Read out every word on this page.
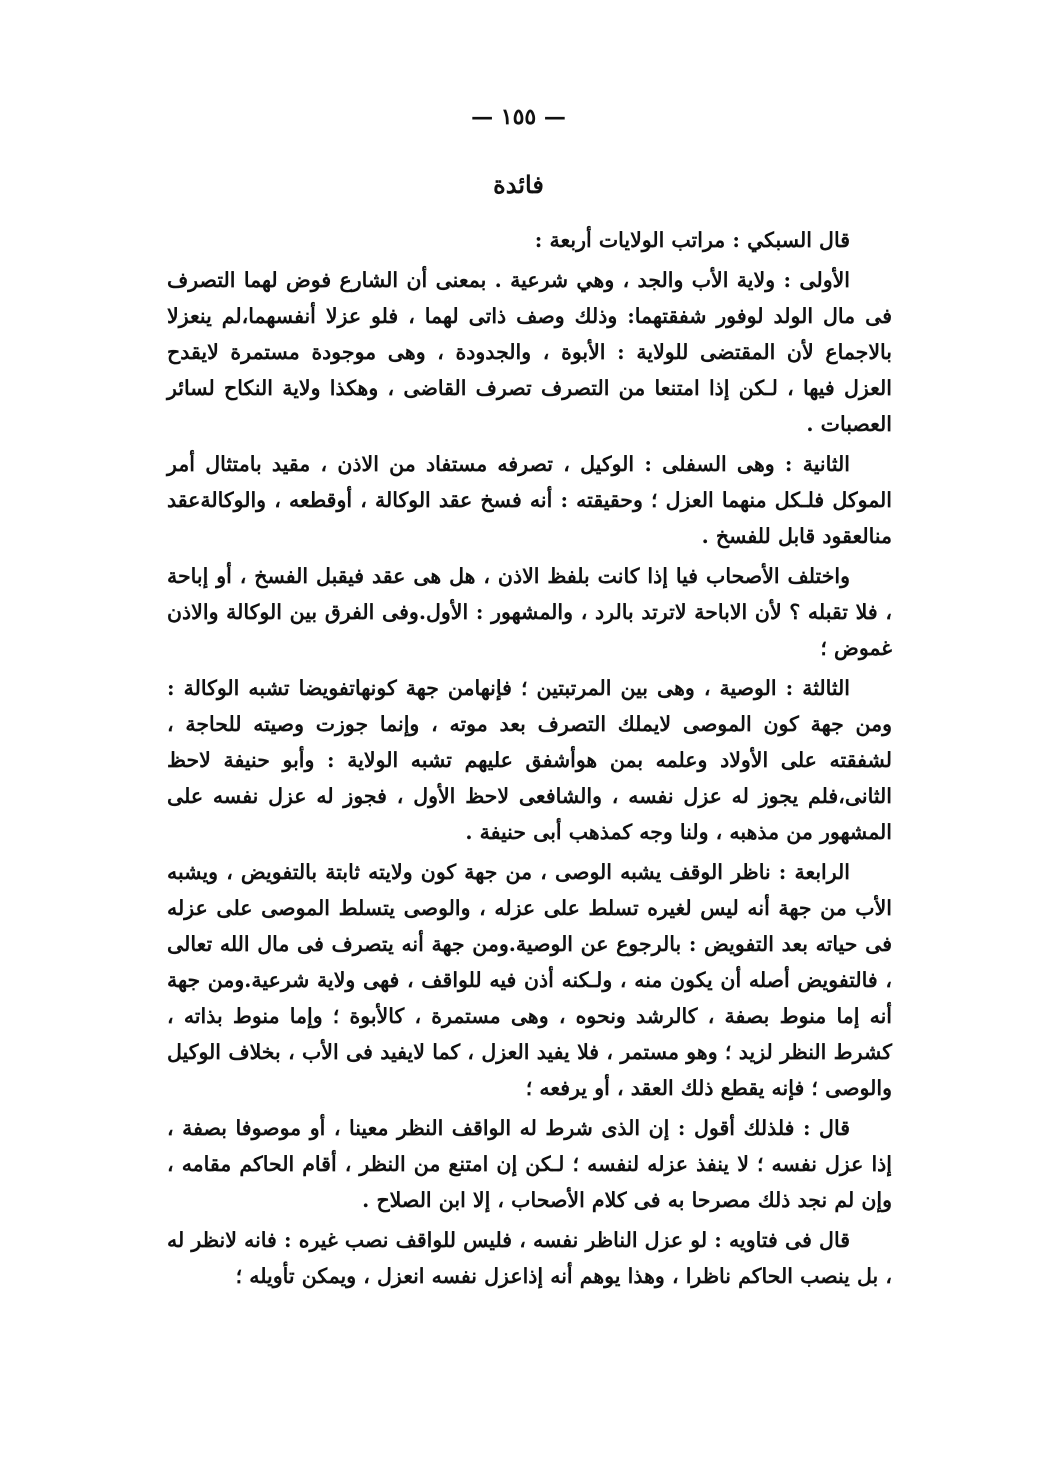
— ١٥٥ —
فائدة

قال السبكي : مراتب الولايات أربعة :

الأولى : ولاية الأب والجد ، وهي شرعية . بمعنى أن الشارع فوض لهما التصرف فى مال الولد لوفور شفقتهما: وذلك وصف ذاتى لهما ، فلو عزلا أنفسهما،لم ينعزلا بالاجماع لأن المقتضى للولاية : الأبوة ، والجدودة ، وهى موجودة مستمرة لايقدح العزل فيها ، لـكن إذا امتنعا من التصرف تصرف القاضى ، وهكذا ولاية النكاح لسائر العصبات .

الثانية : وهى السفلى : الوكيل ، تصرفه مستفاد من الاذن ، مقيد بامتثال أمر الموكل فلـكل منهما العزل ؛ وحقيقته : أنه فسخ عقد الوكالة ، أوقطعه ، والوكالةعقد منالعقود قابل للفسخ .

واختلف الأصحاب فيا إذا كانت بلفظ الاذن ، هل هى عقد فيقبل الفسخ ، أو إباحة ، فلا تقبله ؟ لأن الاباحة لاترتد بالرد ، والمشهور : الأول.وفى الفرق بين الوكالة والاذن غموض ؛

الثالثة : الوصية ، وهى بين المرتبتين ؛ فإنهامن جهة كونهاتفويضا تشبه الوكالة : ومن جهة كون الموصى لايملك التصرف بعد موته ، وإنما جوزت وصيته للحاجة ، لشفقته على الأولاد وعلمه بمن هوأشفق عليهم تشبه الولاية : وأبو حنيفة لاحظ الثانى،فلم يجوز له عزل نفسه ، والشافعى لاحظ الأول ، فجوز له عزل نفسه على المشهور من مذهبه ، ولنا وجه كمذهب أبى حنيفة .

الرابعة : ناظر الوقف يشبه الوصى ، من جهة كون ولايته ثابتة بالتفويض ، ويشبه الأب من جهة أنه ليس لغيره تسلط على عزله ، والوصى يتسلط الموصى على عزله فى حياته بعد التفويض : بالرجوع عن الوصية.ومن جهة أنه يتصرف فى مال الله تعالى ، فالتفويض أصله أن يكون منه ، ولـكنه أذن فيه للواقف ، فهى ولاية شرعية.ومن جهة أنه إما منوط بصفة ، كالرشد ونحوه ، وهى مستمرة ، كالأبوة ؛ وإما منوط بذاته ، كشرط النظر لزيد ؛ وهو مستمر ، فلا يفيد العزل ، كما لايفيد فى الأب ، بخلاف الوكيل والوصى ؛ فإنه يقطع ذلك العقد ، أو يرفعه ؛

قال : فلذلك أقول : إن الذى شرط له الواقف النظر معينا ، أو موصوفا بصفة ، إذا عزل نفسه ؛ لا ينفذ عزله لنفسه ؛ لـكن إن امتنع من النظر ، أقام الحاكم مقامه ، وإن لم نجد ذلك مصرحا به فى كلام الأصحاب ، إلا ابن الصلاح .

قال فى فتاويه : لو عزل الناظر نفسه ، فليس للواقف نصب غيره : فانه لانظر له ، بل ينصب الحاكم ناظرا ، وهذا يوهم أنه إذاعزل نفسه انعزل ، ويمكن تأويله ؛
